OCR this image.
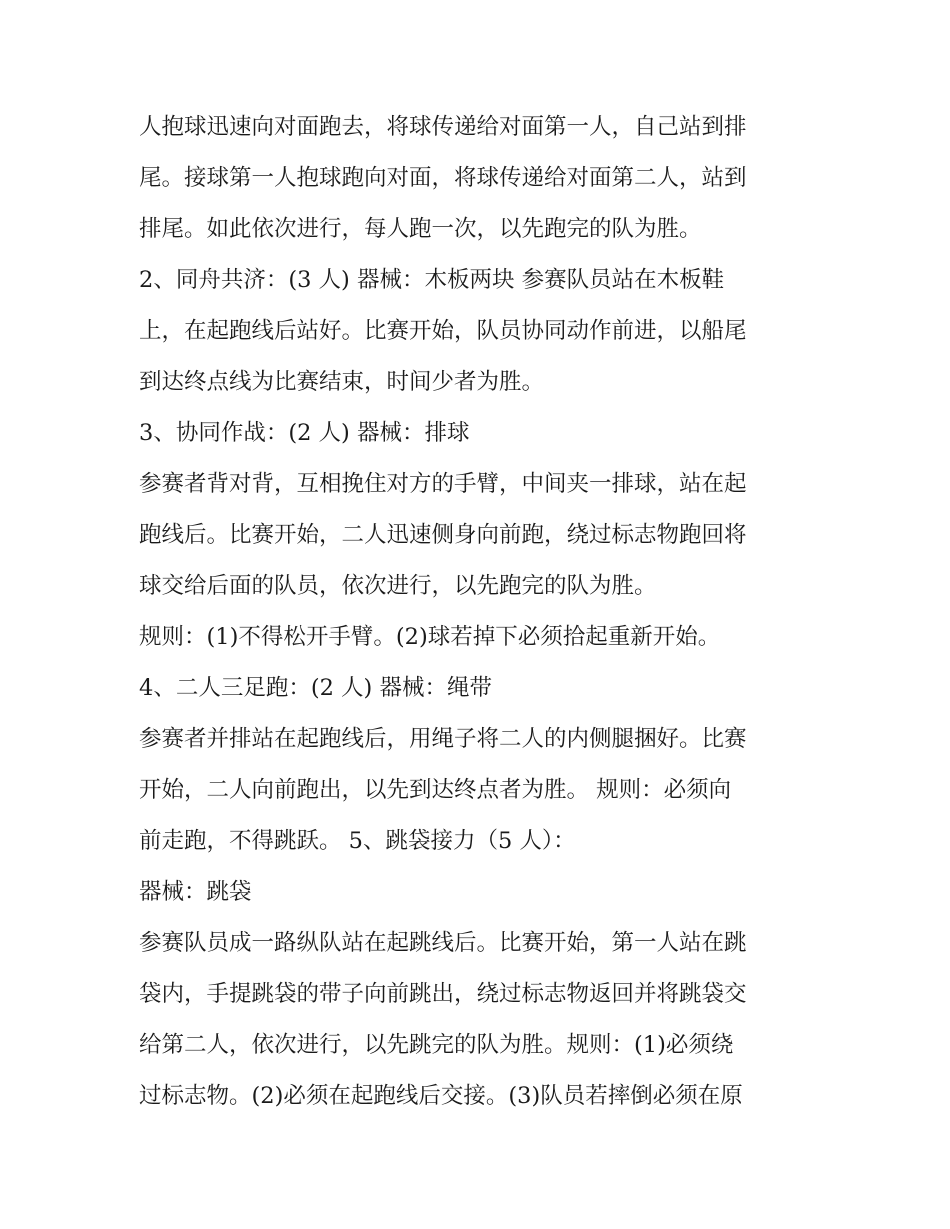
人抱球迅速向对面跑去，将球传递给对面第一人，自己站到排

尾。接球第一人抱球跑向对面，将球传递给对面第二人，站到

排尾。如此依次进行，每人跑一次，以先跑完的队为胜。

2、同舟共济：(3 人) 器械：木板两块 参赛队员站在木板鞋

上，在起跑线后站好。比赛开始，队员协同动作前进，以船尾

到达终点线为比赛结束，时间少者为胜。

3、协同作战：(2 人) 器械：排球

参赛者背对背，互相挽住对方的手臂，中间夹一排球，站在起

跑线后。比赛开始，二人迅速侧身向前跑，绕过标志物跑回将

球交给后面的队员，依次进行，以先跑完的队为胜。

规则：(1)不得松开手臂。(2)球若掉下必须拾起重新开始。

4、二人三足跑：(2 人) 器械：绳带

参赛者并排站在起跑线后，用绳子将二人的内侧腿捆好。比赛

开始，二人向前跑出，以先到达终点者为胜。 规则：必须向

前走跑，不得跳跃。 5、跳袋接力（5 人）：

器械：跳袋

参赛队员成一路纵队站在起跳线后。比赛开始，第一人站在跳

袋内，手提跳袋的带子向前跳出，绕过标志物返回并将跳袋交

给第二人，依次进行，以先跳完的队为胜。规则：(1)必须绕

过标志物。(2)必须在起跑线后交接。(3)队员若摔倒必须在原
